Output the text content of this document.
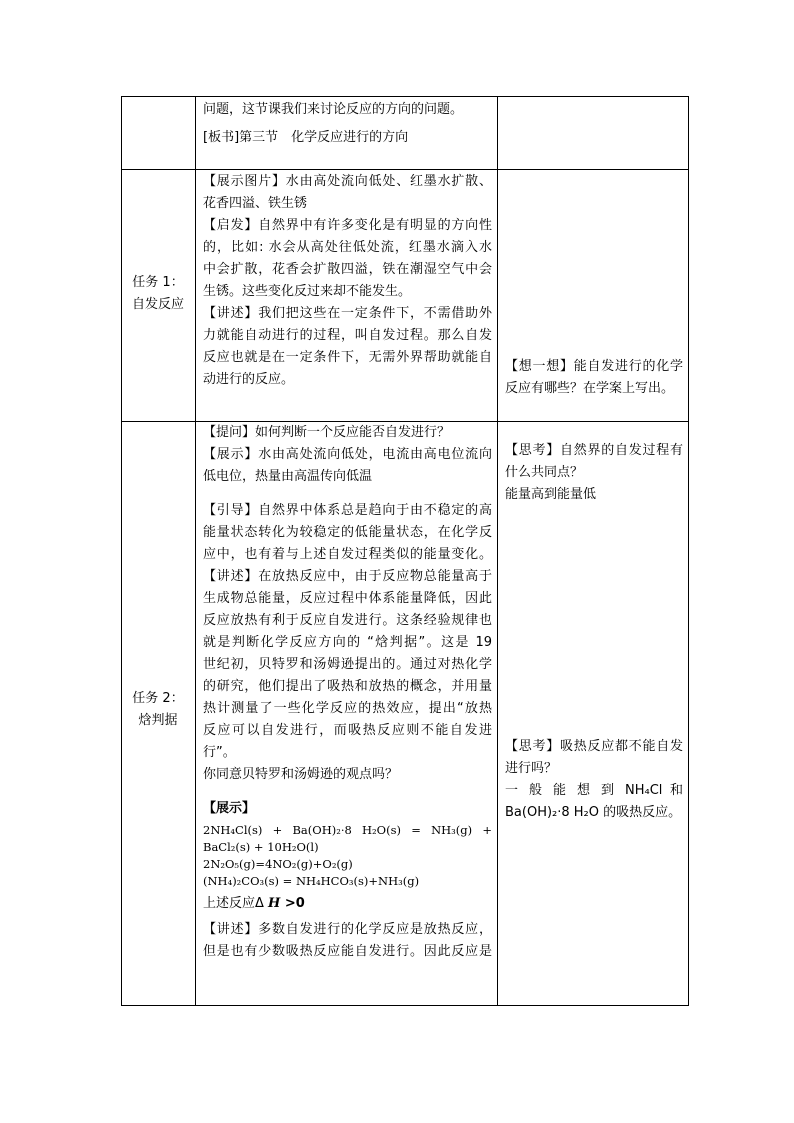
问题，这节课我们来讨论反应的方向的问题。

[板书]第三节　化学反应进行的方向

任务 1：

自发反应

【展示图片】水由高处流向低处、红墨水扩散、

花香四溢、铁生锈

【启发】自然界中有许多变化是有明显的方向性

的，比如: 水会从高处往低处流，红墨水滴入水

中会扩散，花香会扩散四溢，铁在潮湿空气中会

生锈。这些变化反过来却不能发生。

【讲述】我们把这些在一定条件下，不需借助外

力就能自动进行的过程，叫自发过程。那么自发

反应也就是在一定条件下，无需外界帮助就能自

动进行的反应。

【想一想】能自发进行的化学

反应有哪些？在学案上写出。

任务 2：

焓判据

【提问】如何判断一个反应能否自发进行？

【展示】水由高处流向低处，电流由高电位流向

低电位，热量由高温传向低温

【引导】自然界中体系总是趋向于由不稳定的高

能量状态转化为较稳定的低能量状态，在化学反

应中，也有着与上述自发过程类似的能量变化。

【讲述】在放热反应中，由于反应物总能量高于

生成物总能量，反应过程中体系能量降低，因此

反应放热有利于反应自发进行。这条经验规律也

就是判断化学反应方向的 “焓判据”。这是 19

世纪初，贝特罗和汤姆逊提出的。通过对热化学

的研究，他们提出了吸热和放热的概念，并用量

热计测量了一些化学反应的热效应，提出“放热

反应可以自发进行，而吸热反应则不能自发进

行”。

你同意贝特罗和汤姆逊的观点吗？

【展示】

2NH₄Cl(s) + Ba(OH)₂·8 H₂O(s) = NH₃(g) +

BaCl₂(s) + 10H₂O(l)

2N₂O₅(g)=4NO₂(g)+O₂(g)

(NH₄)₂CO₃(s) = NH₄HCO₃(s)+NH₃(g)

上述反应Δ H >0

【讲述】多数自发进行的化学反应是放热反应，

但是也有少数吸热反应能自发进行。因此反应是

【思考】自然界的自发过程有

什么共同点？

能量高到能量低

【思考】吸热反应都不能自发

进行吗？

一 般 能 想 到 NH₄Cl 和

Ba(OH)₂·8 H₂O 的吸热反应。
